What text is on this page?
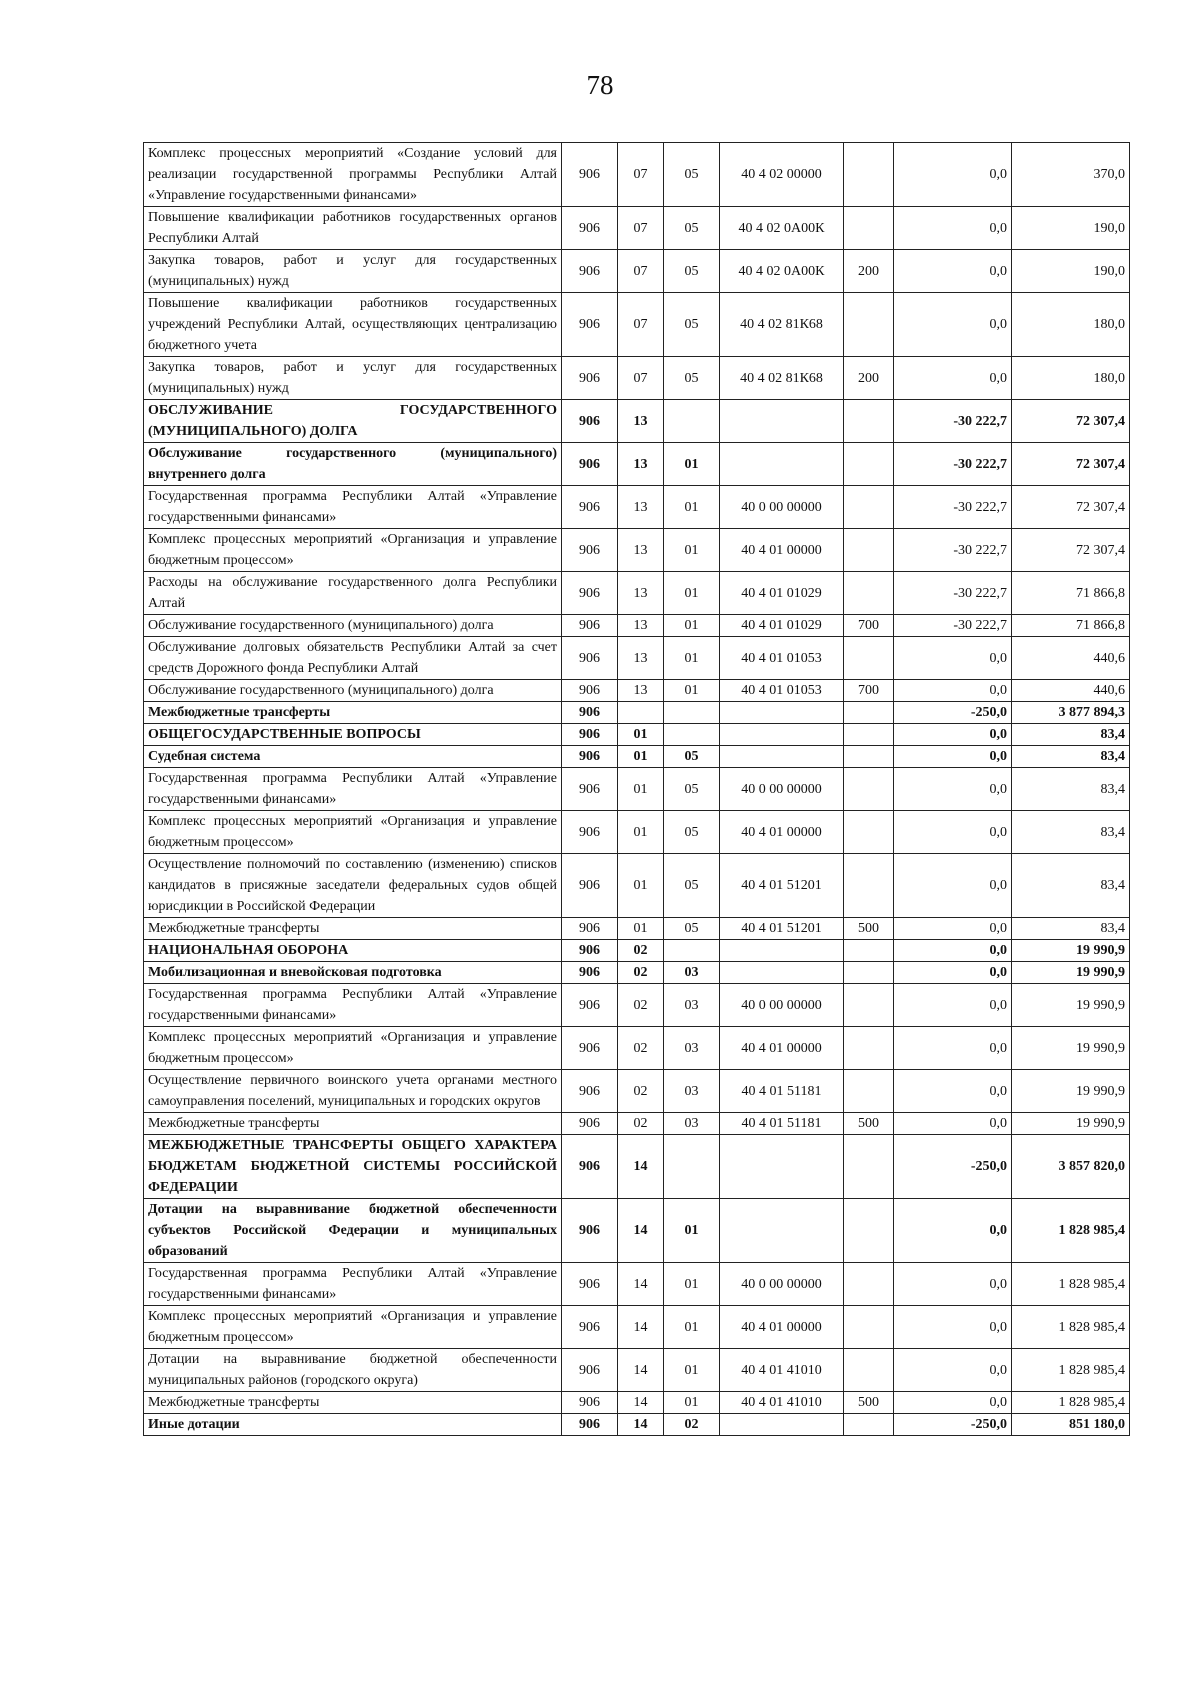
78
Комплекс процессных мероприятий «Создание условий для реализации государственной программы Республики Алтай «Управление государственными финансами»	906	07	05	40 4 02 00000		0,0	370,0
Повышение квалификации работников государственных органов Республики Алтай	906	07	05	40 4 02 0А00К		0,0	190,0
Закупка товаров, работ и услуг для государственных (муниципальных) нужд	906	07	05	40 4 02 0А00К	200	0,0	190,0
Повышение квалификации работников государственных учреждений Республики Алтай, осуществляющих централизацию бюджетного учета	906	07	05	40 4 02 81К68		0,0	180,0
Закупка товаров, работ и услуг для государственных (муниципальных) нужд	906	07	05	40 4 02 81К68	200	0,0	180,0
ОБСЛУЖИВАНИЕ ГОСУДАРСТВЕННОГО (МУНИЦИПАЛЬНОГО) ДОЛГА	906	13				-30 222,7	72 307,4
Обслуживание государственного (муниципального) внутреннего долга	906	13	01			-30 222,7	72 307,4
Государственная программа Республики Алтай «Управление государственными финансами»	906	13	01	40 0 00 00000		-30 222,7	72 307,4
Комплекс процессных мероприятий «Организация и управление бюджетным процессом»	906	13	01	40 4 01 00000		-30 222,7	72 307,4
Расходы на обслуживание государственного долга Республики Алтай	906	13	01	40 4 01 01029		-30 222,7	71 866,8
Обслуживание государственного (муниципального) долга	906	13	01	40 4 01 01029	700	-30 222,7	71 866,8
Обслуживание долговых обязательств Республики Алтай за счет средств Дорожного фонда Республики Алтай	906	13	01	40 4 01 01053		0,0	440,6
Обслуживание государственного (муниципального) долга	906	13	01	40 4 01 01053	700	0,0	440,6
Межбюджетные трансферты	906					-250,0	3 877 894,3
ОБЩЕГОСУДАРСТВЕННЫЕ ВОПРОСЫ	906	01				0,0	83,4
Судебная система	906	01	05			0,0	83,4
Государственная программа Республики Алтай «Управление государственными финансами»	906	01	05	40 0 00 00000		0,0	83,4
Комплекс процессных мероприятий «Организация и управление бюджетным процессом»	906	01	05	40 4 01 00000		0,0	83,4
Осуществление полномочий по составлению (изменению) списков кандидатов в присяжные заседатели федеральных судов общей юрисдикции в Российской Федерации	906	01	05	40 4 01 51201		0,0	83,4
Межбюджетные трансферты	906	01	05	40 4 01 51201	500	0,0	83,4
НАЦИОНАЛЬНАЯ ОБОРОНА	906	02				0,0	19 990,9
Мобилизационная и вневойсковая подготовка	906	02	03			0,0	19 990,9
Государственная программа Республики Алтай «Управление государственными финансами»	906	02	03	40 0 00 00000		0,0	19 990,9
Комплекс процессных мероприятий «Организация и управление бюджетным процессом»	906	02	03	40 4 01 00000		0,0	19 990,9
Осуществление первичного воинского учета органами местного самоуправления поселений, муниципальных и городских округов	906	02	03	40 4 01 51181		0,0	19 990,9
Межбюджетные трансферты	906	02	03	40 4 01 51181	500	0,0	19 990,9
МЕЖБЮДЖЕТНЫЕ ТРАНСФЕРТЫ ОБЩЕГО ХАРАКТЕРА БЮДЖЕТАМ БЮДЖЕТНОЙ СИСТЕМЫ РОССИЙСКОЙ ФЕДЕРАЦИИ	906	14				-250,0	3 857 820,0
Дотации на выравнивание бюджетной обеспеченности субъектов Российской Федерации и муниципальных образований	906	14	01			0,0	1 828 985,4
Государственная программа Республики Алтай «Управление государственными финансами»	906	14	01	40 0 00 00000		0,0	1 828 985,4
Комплекс процессных мероприятий «Организация и управление бюджетным процессом»	906	14	01	40 4 01 00000		0,0	1 828 985,4
Дотации на выравнивание бюджетной обеспеченности муниципальных районов (городского округа)	906	14	01	40 4 01 41010		0,0	1 828 985,4
Межбюджетные трансферты	906	14	01	40 4 01 41010	500	0,0	1 828 985,4
Иные дотации	906	14	02			-250,0	851 180,0
